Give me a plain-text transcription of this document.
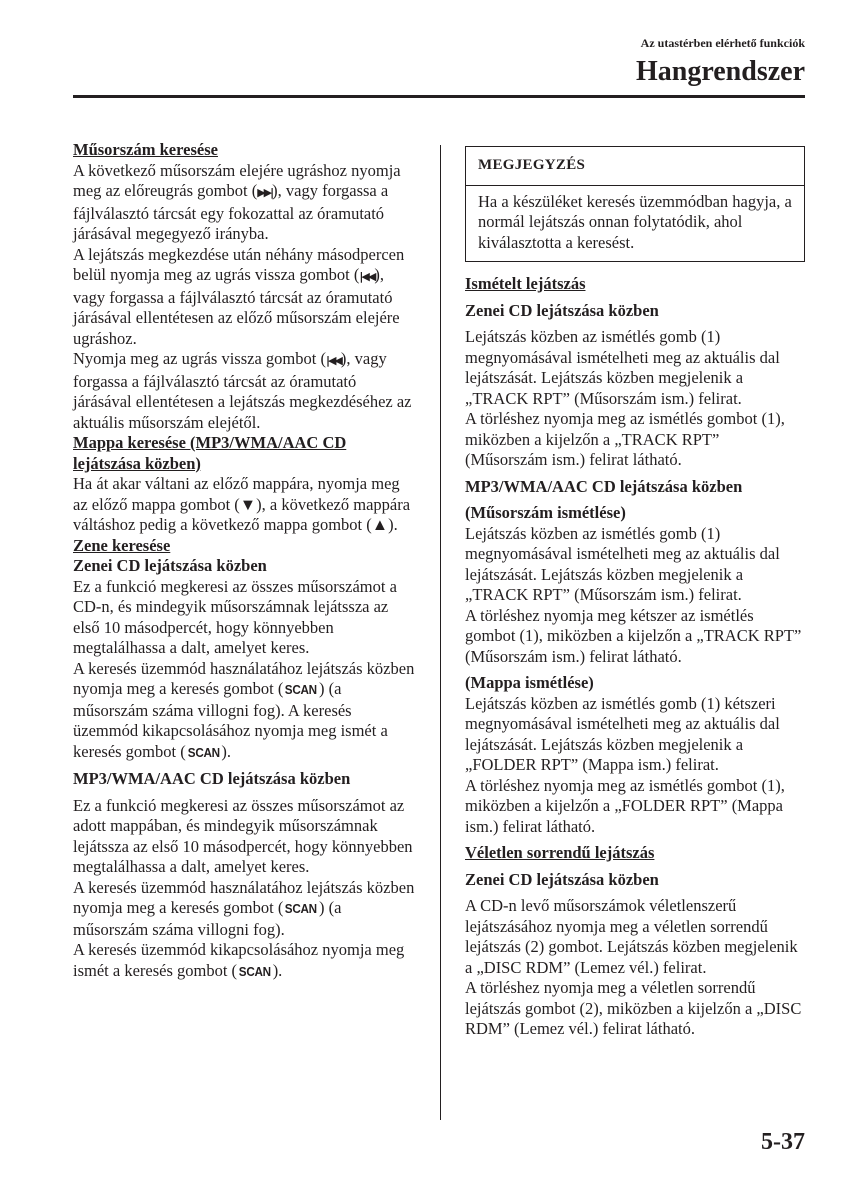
Az utastérben elérhető funkciók
Hangrendszer

Műsorszám keresése

A következő műsorszám elejére ugráshoz nyomja meg az előreugrás gombot (▶▶|), vagy forgassa a fájlválasztó tárcsát egy fokozattal az óramutató járásával megegyező irányba.

A lejátszás megkezdése után néhány másodpercen belül nyomja meg az ugrás vissza gombot (|◀◀), vagy forgassa a fájlválasztó tárcsát az óramutató járásával ellentétesen az előző műsorszám elejére ugráshoz.

Nyomja meg az ugrás vissza gombot (|◀◀), vagy forgassa a fájlválasztó tárcsát az óramutató járásával ellentétesen a lejátszás megkezdéséhez az aktuális műsorszám elejétől.

Mappa keresése (MP3/WMA/AAC CD lejátszása közben)

Ha át akar váltani az előző mappára, nyomja meg az előző mappa gombot (▼), a következő mappára váltáshoz pedig a következő mappa gombot (▲).

Zene keresése

Zenei CD lejátszása közben

Ez a funkció megkeresi az összes műsorszámot a CD-n, és mindegyik műsorszámnak lejátssza az első 10 másodpercét, hogy könnyebben megtalálhassa a dalt, amelyet keres.

A keresés üzemmód használatához lejátszás közben nyomja meg a keresés gombot ( SCAN ) (a műsorszám száma villogni fog). A keresés üzemmód kikapcsolásához nyomja meg ismét a keresés gombot ( SCAN ).

MP3/WMA/AAC CD lejátszása közben

Ez a funkció megkeresi az összes műsorszámot az adott mappában, és mindegyik műsorszámnak lejátssza az első 10 másodpercét, hogy könnyebben megtalálhassa a dalt, amelyet keres.

A keresés üzemmód használatához lejátszás közben nyomja meg a keresés gombot ( SCAN ) (a műsorszám száma villogni fog).

A keresés üzemmód kikapcsolásához nyomja meg ismét a keresés gombot ( SCAN ).

MEGJEGYZÉS
Ha a készüléket keresés üzemmódban hagyja, a normál lejátszás onnan folytatódik, ahol kiválasztotta a keresést.

Ismételt lejátszás

Zenei CD lejátszása közben

Lejátszás közben az ismétlés gomb (1) megnyomásával ismételheti meg az aktuális dal lejátszását. Lejátszás közben megjelenik a „TRACK RPT” (Műsorszám ism.) felirat.

A törléshez nyomja meg az ismétlés gombot (1), miközben a kijelzőn a „TRACK RPT” (Műsorszám ism.) felirat látható.

MP3/WMA/AAC CD lejátszása közben

(Műsorszám ismétlése)

Lejátszás közben az ismétlés gomb (1) megnyomásával ismételheti meg az aktuális dal lejátszását. Lejátszás közben megjelenik a „TRACK RPT” (Műsorszám ism.) felirat.

A törléshez nyomja meg kétszer az ismétlés gombot (1), miközben a kijelzőn a „TRACK RPT” (Műsorszám ism.) felirat látható.

(Mappa ismétlése)

Lejátszás közben az ismétlés gomb (1) kétszeri megnyomásával ismételheti meg az aktuális dal lejátszását. Lejátszás közben megjelenik a „FOLDER RPT” (Mappa ism.) felirat.

A törléshez nyomja meg az ismétlés gombot (1), miközben a kijelzőn a „FOLDER RPT” (Mappa ism.) felirat látható.

Véletlen sorrendű lejátszás

Zenei CD lejátszása közben

A CD-n levő műsorszámok véletlenszerű lejátszásához nyomja meg a véletlen sorrendű lejátszás (2) gombot. Lejátszás közben megjelenik a „DISC RDM” (Lemez vél.) felirat.

A törléshez nyomja meg a véletlen sorrendű lejátszás gombot (2), miközben a kijelzőn a „DISC RDM” (Lemez vél.) felirat látható.

5-37
